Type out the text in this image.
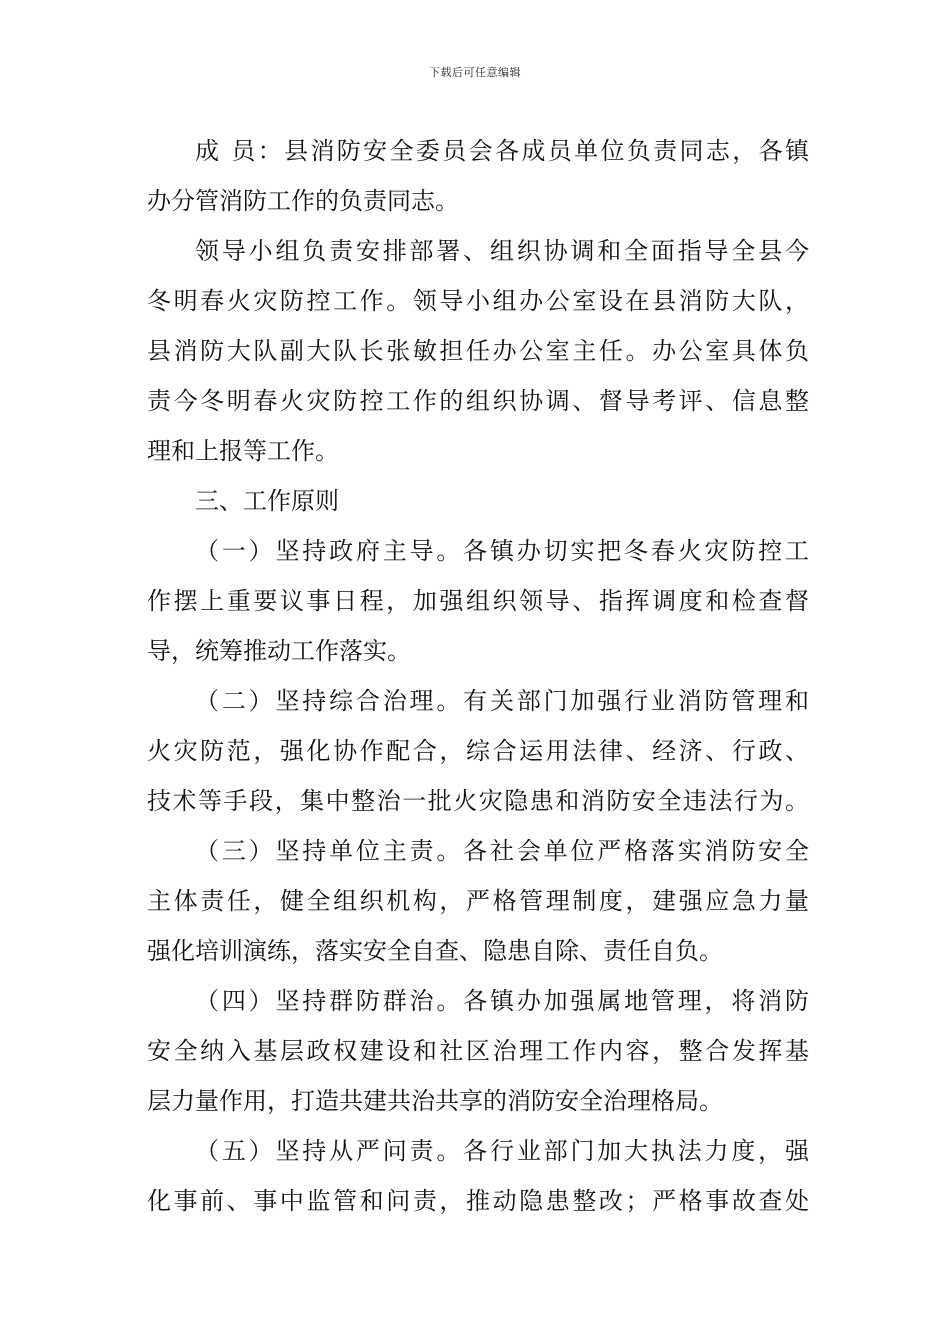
下载后可任意编辑
成 员：县消防安全委员会各成员单位负责同志，各镇
办分管消防工作的负责同志。
领导小组负责安排部署、组织协调和全面指导全县今
冬明春火灾防控工作。领导小组办公室设在县消防大队，
县消防大队副大队长张敏担任办公室主任。办公室具体负
责今冬明春火灾防控工作的组织协调、督导考评、信息整
理和上报等工作。
三、工作原则
（一）坚持政府主导。各镇办切实把冬春火灾防控工
作摆上重要议事日程，加强组织领导、指挥调度和检查督
导，统筹推动工作落实。
（二）坚持综合治理。有关部门加强行业消防管理和
火灾防范，强化协作配合，综合运用法律、经济、行政、
技术等手段，集中整治一批火灾隐患和消防安全违法行为。
（三）坚持单位主责。各社会单位严格落实消防安全
主体责任，健全组织机构，严格管理制度，建强应急力量
强化培训演练，落实安全自查、隐患自除、责任自负。
（四）坚持群防群治。各镇办加强属地管理，将消防
安全纳入基层政权建设和社区治理工作内容，整合发挥基
层力量作用，打造共建共治共享的消防安全治理格局。
（五）坚持从严问责。各行业部门加大执法力度，强
化事前、事中监管和问责，推动隐患整改；严格事故查处
